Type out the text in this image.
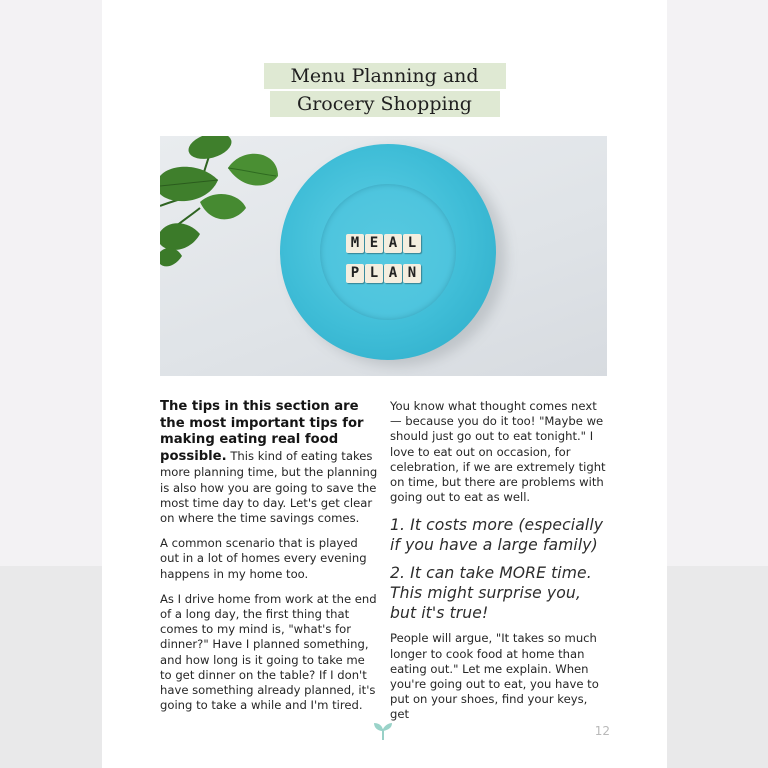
Menu Planning and
Grocery Shopping
M E A L
P L A N

The tips in this section are the most important tips for making eating real food possible. This kind of eating takes more planning time, but the planning is also how you are going to save the most time day to day. Let's get clear on where the time savings comes.

A common scenario that is played out in a lot of homes every evening happens in my home too.

As I drive home from work at the end of a long day, the first thing that comes to my mind is, "what's for dinner?" Have I planned something, and how long is it going to take me to get dinner on the table? If I don't have something already planned, it's going to take a while and I'm tired.

You know what thought comes next — because you do it too! "Maybe we should just go out to eat tonight." I love to eat out on occasion, for celebration, if we are extremely tight on time, but there are problems with going out to eat as well.

1. It costs more (especially if you have a large family)

2. It can take MORE time. This might surprise you, but it's true!

People will argue, "It takes so much longer to cook food at home than eating out." Let me explain. When you're going out to eat, you have to put on your shoes, find your keys, get

12
